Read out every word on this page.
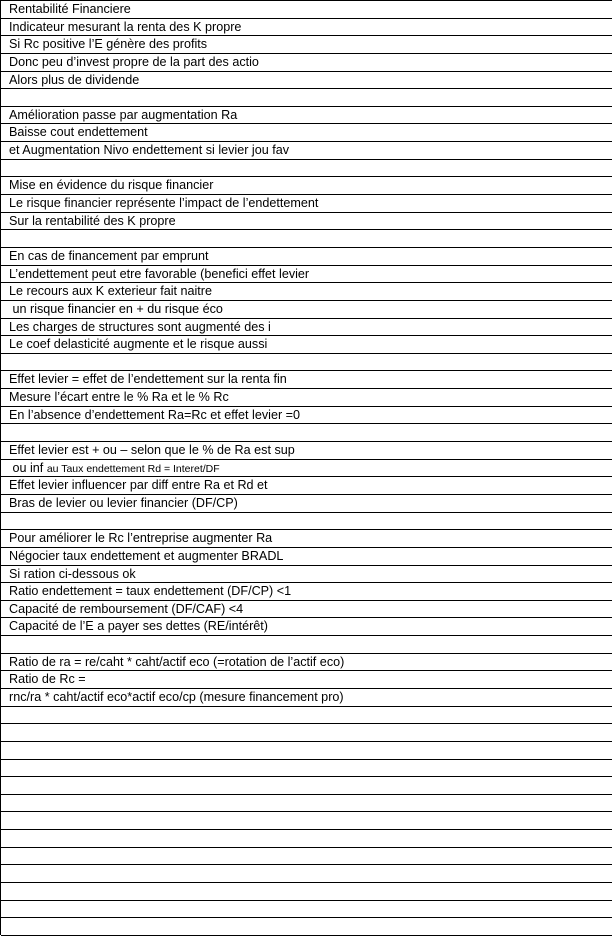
Rentabilité Financiere
Indicateur mesurant la renta des K propre
Si Rc positive l’E génère des profits
Donc peu d’invest propre de la part des actio
Alors plus de dividende
Amélioration passe par augmentation Ra
Baisse cout endettement
et Augmentation Nivo endettement si levier jou fav
Mise en évidence du risque financier
Le risque financier représente l’impact de l’endettement
Sur la rentabilité des K propre
En cas de financement par emprunt
L’endettement peut etre favorable (benefici effet levier
Le recours aux K exterieur fait naitre
un risque financier en + du risque éco
Les charges de structures sont augmenté des i
Le coef delasticité augmente et le risque aussi
Effet levier = effet de l’endettement sur la renta fin
Mesure l’écart entre le % Ra et le % Rc
En l’absence d’endettement Ra=Rc et effet levier =0
Effet levier est + ou – selon que le % de Ra est sup
ou inf au Taux endettement Rd = Interet/DF
Effet levier influencer par diff entre Ra et Rd et
Bras de levier ou levier financier (DF/CP)
Pour améliorer le Rc l’entreprise augmenter Ra
Négocier taux endettement et augmenter BRADL
Si ration ci-dessous ok
Ratio endettement = taux endettement (DF/CP) <1
Capacité de remboursement (DF/CAF) <4
Capacité de l’E a payer ses dettes (RE/intérêt)
Ratio de ra = re/caht * caht/actif eco (=rotation de l’actif eco)
Ratio de Rc =
rnc/ra * caht/actif eco*actif eco/cp (mesure financement pro)
